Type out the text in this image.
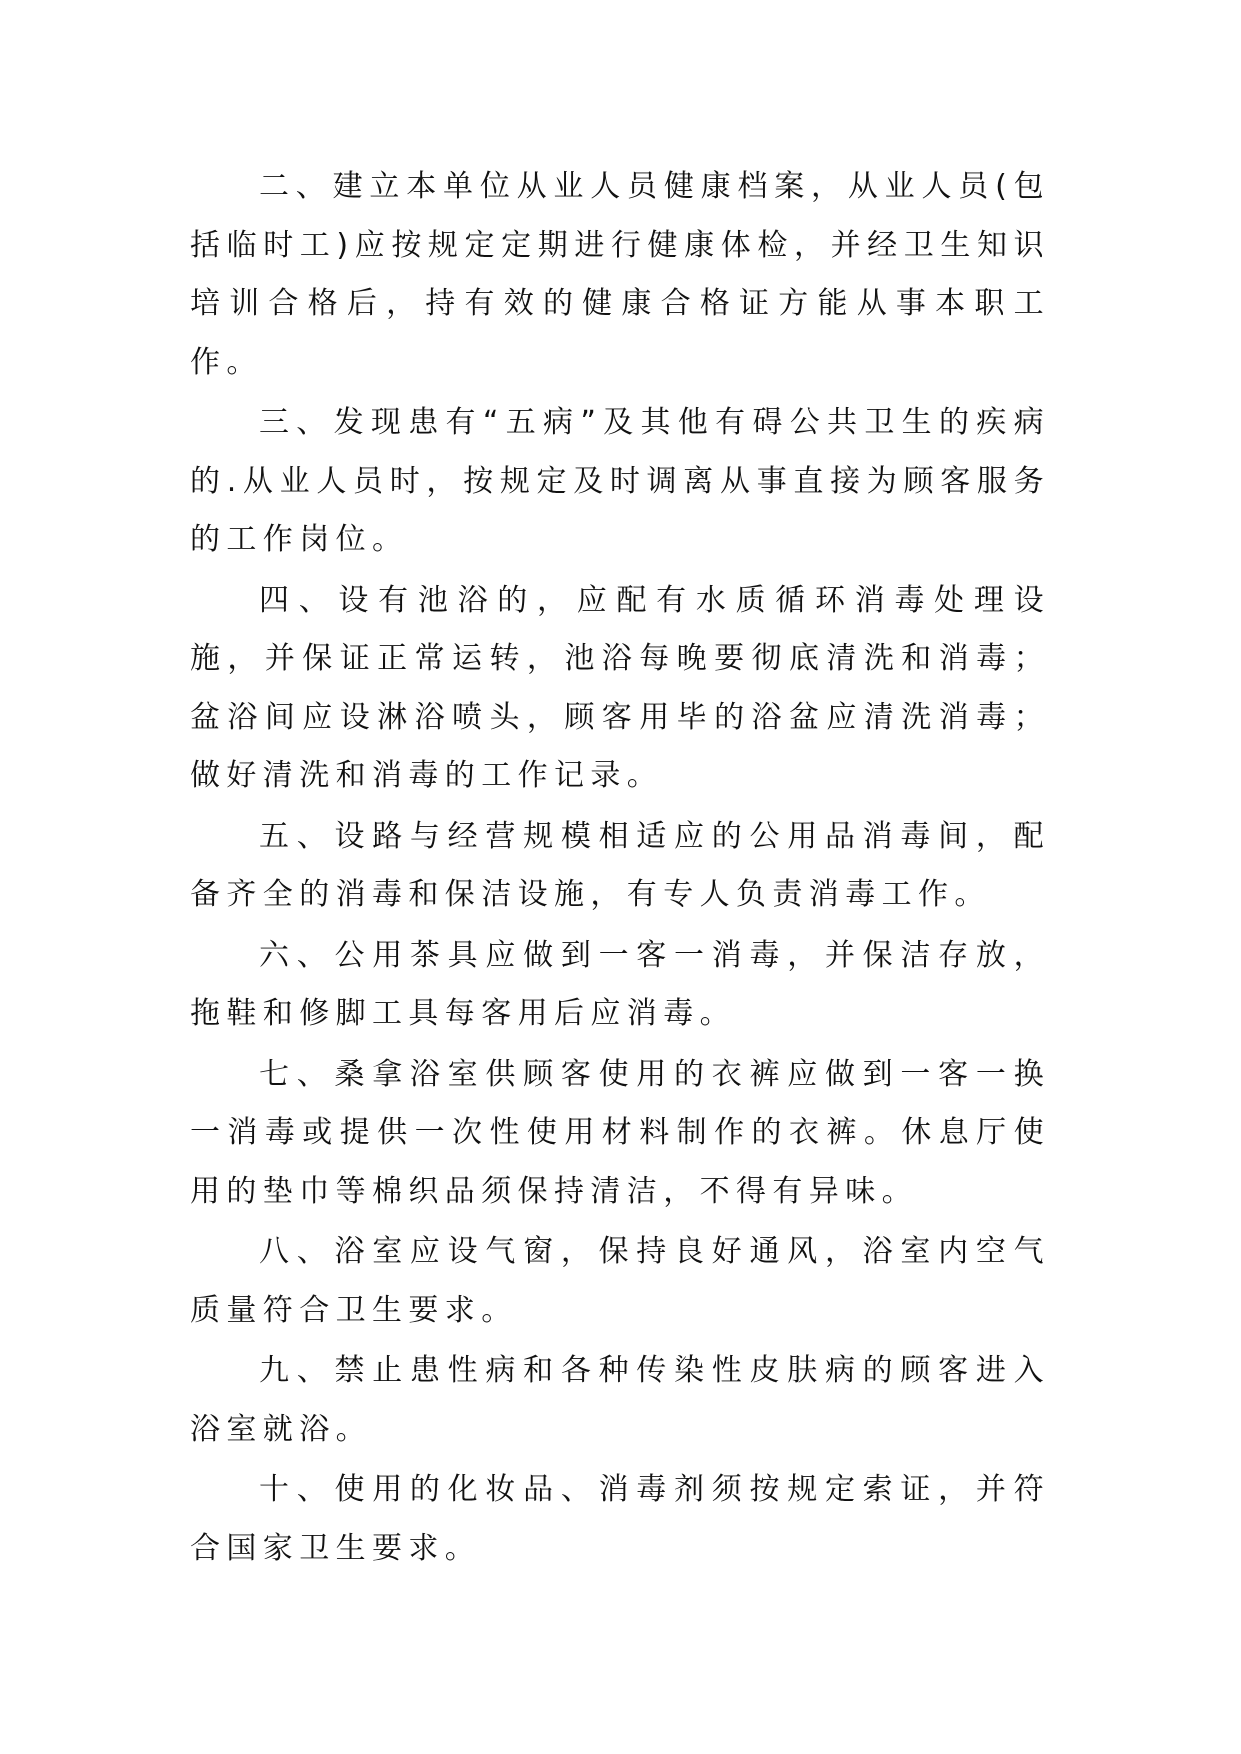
二、建立本单位从业人员健康档案，从业人员(包括临时工)应按规定定期进行健康体检，并经卫生知识培训合格后，持有效的健康合格证方能从事本职工作。

三、发现患有“五病”及其他有碍公共卫生的疾病的.从业人员时，按规定及时调离从事直接为顾客服务的工作岗位。

四、设有池浴的，应配有水质循环消毒处理设施，并保证正常运转，池浴每晚要彻底清洗和消毒；盆浴间应设淋浴喷头，顾客用毕的浴盆应清洗消毒；做好清洗和消毒的工作记录。

五、设路与经营规模相适应的公用品消毒间，配备齐全的消毒和保洁设施，有专人负责消毒工作。

六、公用茶具应做到一客一消毒，并保洁存放，拖鞋和修脚工具每客用后应消毒。

七、桑拿浴室供顾客使用的衣裤应做到一客一换一消毒或提供一次性使用材料制作的衣裤。休息厅使用的垫巾等棉织品须保持清洁，不得有异味。

八、浴室应设气窗，保持良好通风，浴室内空气质量符合卫生要求。

九、禁止患性病和各种传染性皮肤病的顾客进入浴室就浴。

十、使用的化妆品、消毒剂须按规定索证，并符合国家卫生要求。
